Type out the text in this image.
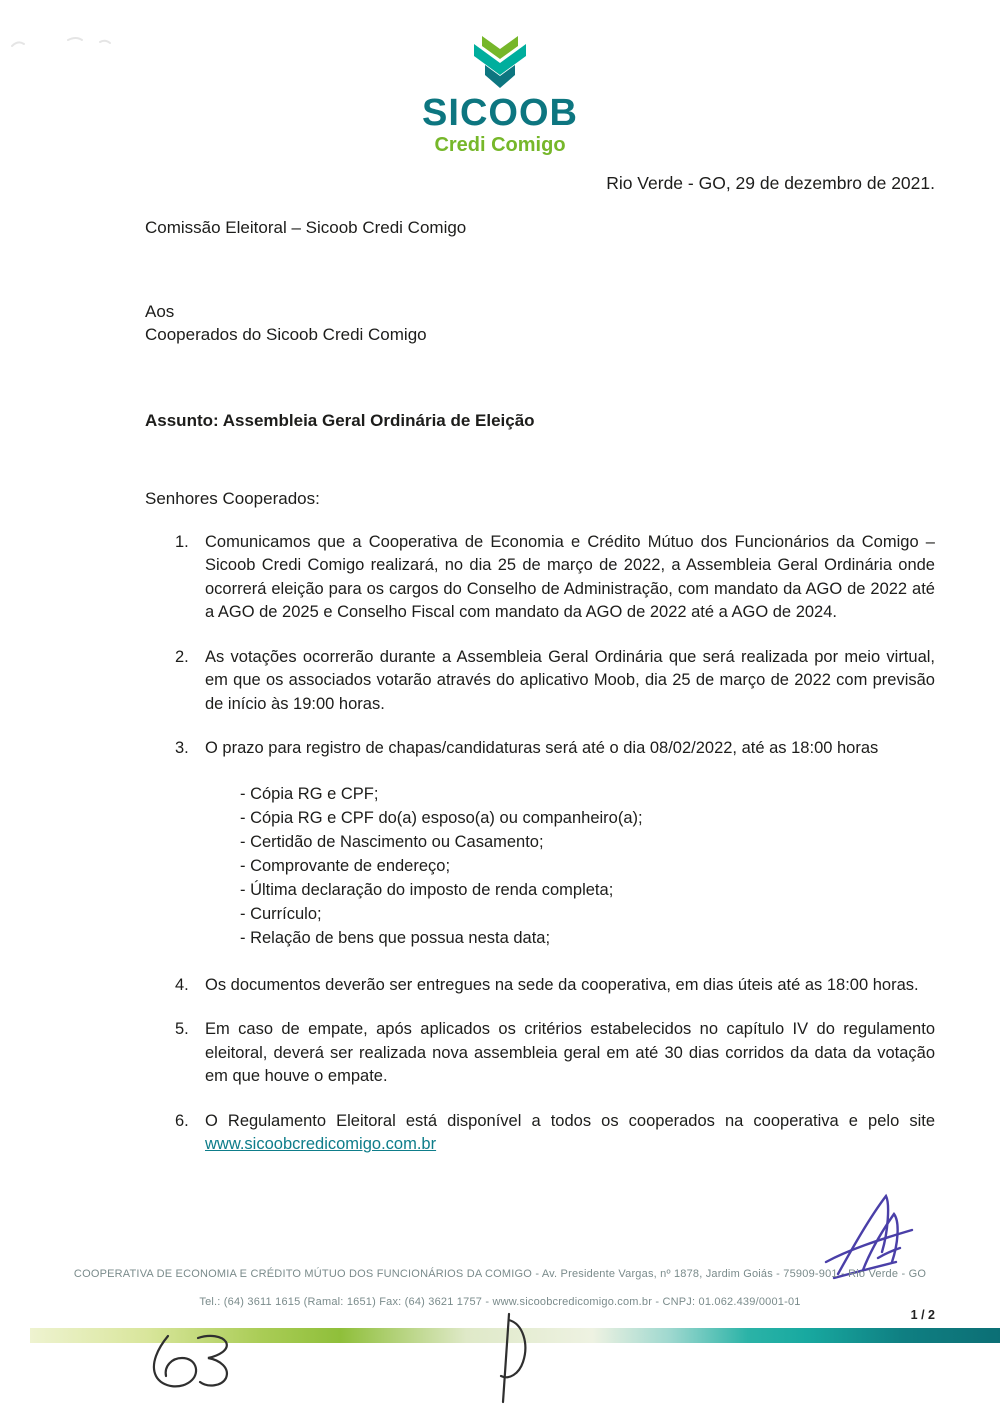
SICOOB
Credi Comigo
Rio Verde - GO, 29 de dezembro de 2021.
Comissão Eleitoral – Sicoob Credi Comigo
Aos
Cooperados do Sicoob Credi Comigo
Assunto: Assembleia Geral Ordinária de Eleição
Senhores Cooperados:
1. Comunicamos que a Cooperativa de Economia e Crédito Mútuo dos Funcionários da Comigo – Sicoob Credi Comigo realizará, no dia 25 de março de 2022, a Assembleia Geral Ordinária onde ocorrerá eleição para os cargos do Conselho de Administração, com mandato da AGO de 2022 até a AGO de 2025 e Conselho Fiscal com mandato da AGO de 2022 até a AGO de 2024.

2. As votações ocorrerão durante a Assembleia Geral Ordinária que será realizada por meio virtual, em que os associados votarão através do aplicativo Moob, dia 25 de março de 2022 com previsão de início às 19:00 horas.

3. O prazo para registro de chapas/candidaturas será até o dia 08/02/2022, até as 18:00 horas

- Cópia RG e CPF;
- Cópia RG e CPF do(a) esposo(a) ou companheiro(a);
- Certidão de Nascimento ou Casamento;
- Comprovante de endereço;
- Última declaração do imposto de renda completa;
- Currículo;
- Relação de bens que possua nesta data;
4. Os documentos deverão ser entregues na sede da cooperativa, em dias úteis até as 18:00 horas.

5. Em caso de empate, após aplicados os critérios estabelecidos no capítulo IV do regulamento eleitoral, deverá ser realizada nova assembleia geral em até 30 dias corridos da data da votação em que houve o empate.

6. O Regulamento Eleitoral está disponível a todos os cooperados na cooperativa e pelo site www.sicoobcredicomigo.com.br

COOPERATIVA DE ECONOMIA E CRÉDITO MÚTUO DOS FUNCIONÁRIOS DA COMIGO - Av. Presidente Vargas, nº 1878, Jardim Goiás - 75909-901 - Rio Verde - GO
Tel.: (64) 3611 1615 (Ramal: 1651) Fax: (64) 3621 1757 - www.sicoobcredicomigo.com.br - CNPJ: 01.062.439/0001-01
1 / 2
